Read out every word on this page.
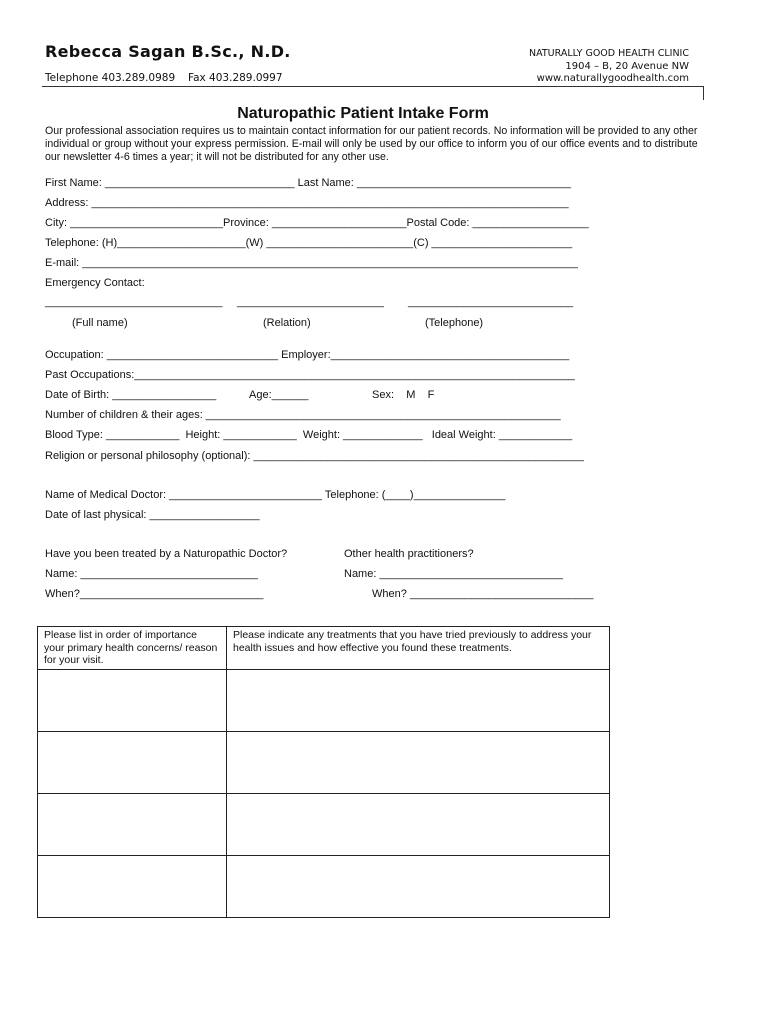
Rebecca Sagan B.Sc., N.D.
Telephone 403.289.0989 Fax 403.289.0997
NATURALLY GOOD HEALTH CLINIC
1904 – B, 20 Avenue NW
www.naturallygoodhealth.com
Naturopathic Patient Intake Form
Our professional association requires us to maintain contact information for our patient records. No information will be provided to any other individual or group without your express permission. E-mail will only be used by our office to inform you of our office events and to distribute our newsletter 4-6 times a year; it will not be distributed for any other use.
First Name: _______________________________ Last Name: ___________________________________
Address: ______________________________________________________________________________
City: _________________________Province: ______________________Postal Code: ___________________
Telephone: (H)_____________________(W) ________________________(C) _______________________
E-mail: _________________________________________________________________________________
Emergency Contact:
_____________________________ ________________________ ___________________________
(Full name)	(Relation)	(Telephone)
Occupation: ____________________________ Employer:_______________________________________
Past Occupations:________________________________________________________________________
Date of Birth: _________________	Age:______	Sex:    M    F
Number of children & their ages: __________________________________________________________
Blood Type: ____________  Height: ____________  Weight: _____________   Ideal Weight: ____________
Religion or personal philosophy (optional): ______________________________________________________
Name of Medical Doctor: _________________________ Telephone: (____)_______________
Date of last physical: __________________
Have you been treated by a Naturopathic Doctor?	Other health practitioners?
Name: _____________________________	Name: ______________________________
When?______________________________	When? ______________________________
Please list in order of importance your primary health concerns/ reason for your visit.	Please indicate any treatments that you have tried previously to address your health issues and how effective you found these treatments.
